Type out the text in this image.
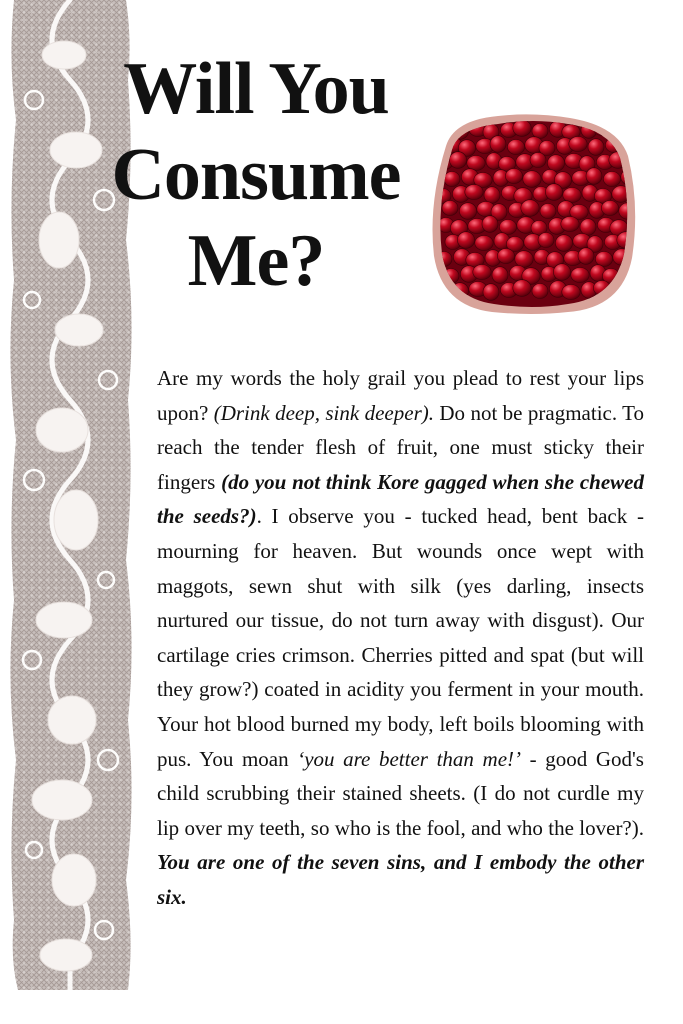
Will You
Consume
Me?
Are my words the holy grail you plead to rest your lips upon? (Drink deep, sink deeper). Do not be pragmatic. To reach the tender flesh of fruit, one must sticky their fingers (do you not think Kore gagged when she chewed the seeds?). I observe you - tucked head, bent back - mourning for heaven. But wounds once wept with maggots, sewn shut with silk (yes darling, insects nurtured our tissue, do not turn away with disgust). Our cartilage cries crimson. Cherries pitted and spat (but will they grow?) coated in acidity you ferment in your mouth. Your hot blood burned my body, left boils blooming with pus. You moan ‘you are better than me!’ - good God's child scrubbing their stained sheets. (I do not curdle my lip over my teeth, so who is the fool, and who the lover?). You are one of the seven sins, and I embody the other six.
